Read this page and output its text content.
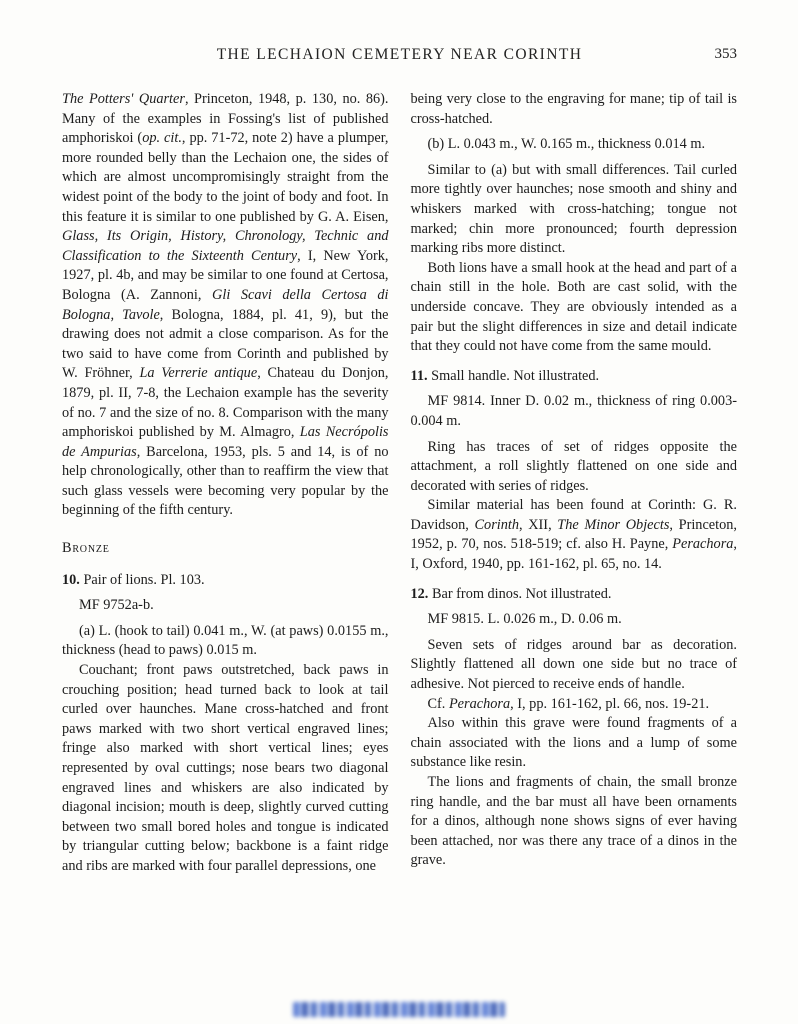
THE LECHAION CEMETERY NEAR CORINTH	353

The Potters' Quarter, Princeton, 1948, p. 130, no. 86). Many of the examples in Fossing's list of published amphoriskoi (op. cit., pp. 71-72, note 2) have a plumper, more rounded belly than the Lechaion one, the sides of which are almost uncompromisingly straight from the widest point of the body to the joint of body and foot. In this feature it is similar to one published by G. A. Eisen, Glass, Its Origin, History, Chronology, Technic and Classification to the Sixteenth Century, I, New York, 1927, pl. 4b, and may be similar to one found at Certosa, Bologna (A. Zannoni, Gli Scavi della Certosa di Bologna, Tavole, Bologna, 1884, pl. 41, 9), but the drawing does not admit a close comparison. As for the two said to have come from Corinth and published by W. Fröhner, La Verrerie antique, Chateau du Donjon, 1879, pl. II, 7-8, the Lechaion example has the severity of no. 7 and the size of no. 8. Comparison with the many amphoriskoi published by M. Almagro, Las Necrópolis de Ampurias, Barcelona, 1953, pls. 5 and 14, is of no help chronologically, other than to reaffirm the view that such glass vessels were becoming very popular by the beginning of the fifth century.

Bronze

10. Pair of lions. Pl. 103.

MF 9752a-b.

(a) L. (hook to tail) 0.041 m., W. (at paws) 0.0155 m., thickness (head to paws) 0.015 m.

Couchant; front paws outstretched, back paws in crouching position; head turned back to look at tail curled over haunches. Mane cross-hatched and front paws marked with two short vertical engraved lines; fringe also marked with short vertical lines; eyes represented by oval cuttings; nose bears two diagonal engraved lines and whiskers are also indicated by diagonal incision; mouth is deep, slightly curved cutting between two small bored holes and tongue is indicated by triangular cutting below; backbone is a faint ridge and ribs are marked with four parallel depressions, one

being very close to the engraving for mane; tip of tail is cross-hatched.

(b) L. 0.043 m., W. 0.165 m., thickness 0.014 m.

Similar to (a) but with small differences. Tail curled more tightly over haunches; nose smooth and shiny and whiskers marked with cross-hatching; tongue not marked; chin more pronounced; fourth depression marking ribs more distinct.

Both lions have a small hook at the head and part of a chain still in the hole. Both are cast solid, with the underside concave. They are obviously intended as a pair but the slight differences in size and detail indicate that they could not have come from the same mould.

11. Small handle. Not illustrated.

MF 9814. Inner D. 0.02 m., thickness of ring 0.003-0.004 m.

Ring has traces of set of ridges opposite the attachment, a roll slightly flattened on one side and decorated with series of ridges.

Similar material has been found at Corinth: G. R. Davidson, Corinth, XII, The Minor Objects, Princeton, 1952, p. 70, nos. 518-519; cf. also H. Payne, Perachora, I, Oxford, 1940, pp. 161-162, pl. 65, no. 14.

12. Bar from dinos. Not illustrated.

MF 9815. L. 0.026 m., D. 0.06 m.

Seven sets of ridges around bar as decoration. Slightly flattened all down one side but no trace of adhesive. Not pierced to receive ends of handle.

Cf. Perachora, I, pp. 161-162, pl. 66, nos. 19-21.

Also within this grave were found fragments of a chain associated with the lions and a lump of some substance like resin.

The lions and fragments of chain, the small bronze ring handle, and the bar must all have been ornaments for a dinos, although none shows signs of ever having been attached, nor was there any trace of a dinos in the grave.
